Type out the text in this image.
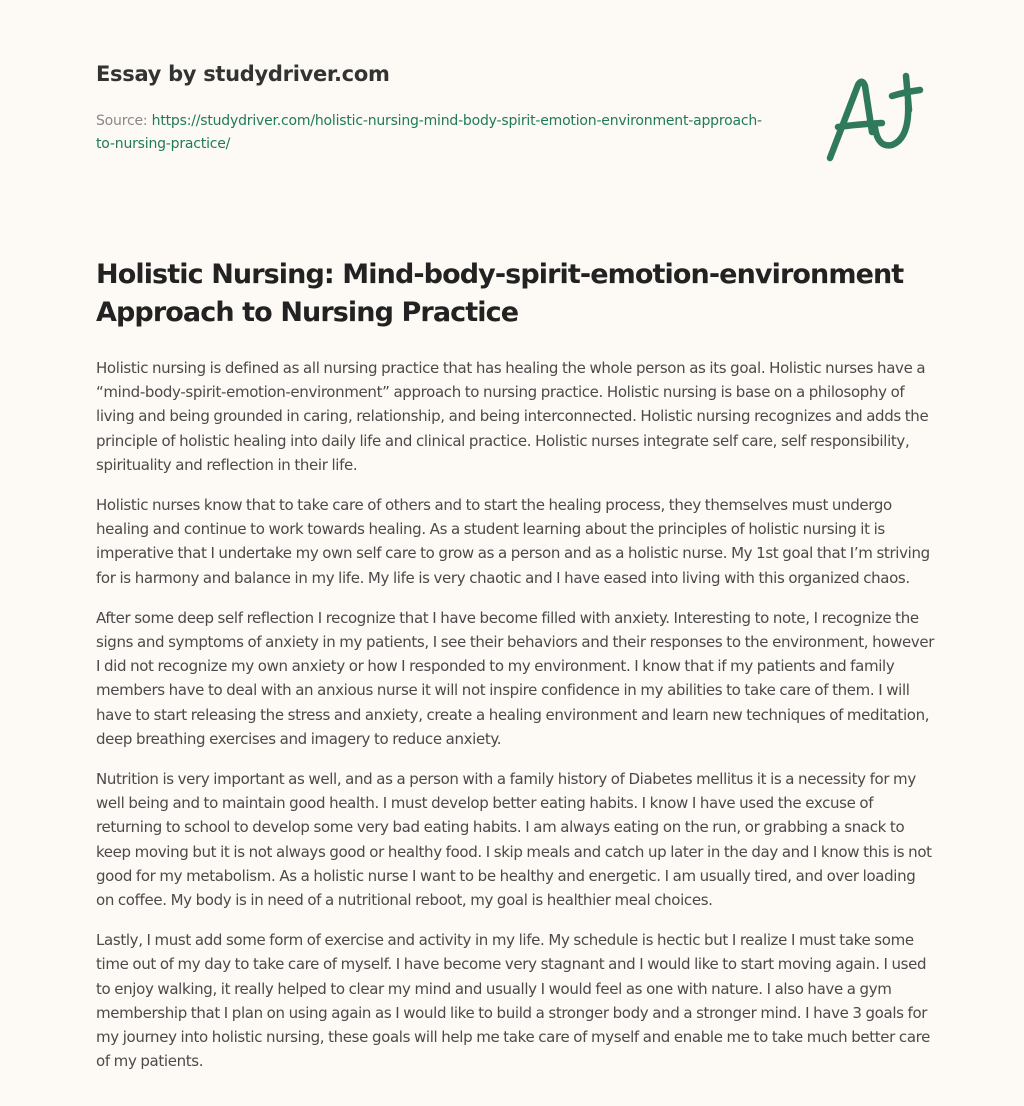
Essay by studydriver.com
Source: https://studydriver.com/holistic-nursing-mind-body-spirit-emotion-environment-approach-to-nursing-practice/
Holistic Nursing: Mind-body-spirit-emotion-environment Approach to Nursing Practice

Holistic nursing is defined as all nursing practice that has healing the whole person as its goal. Holistic nurses have a “mind-body-spirit-emotion-environment” approach to nursing practice. Holistic nursing is base on a philosophy of living and being grounded in caring, relationship, and being interconnected. Holistic nursing recognizes and adds the principle of holistic healing into daily life and clinical practice. Holistic nurses integrate self care, self responsibility, spirituality and reflection in their life.

Holistic nurses know that to take care of others and to start the healing process, they themselves must undergo healing and continue to work towards healing. As a student learning about the principles of holistic nursing it is imperative that I undertake my own self care to grow as a person and as a holistic nurse. My 1st goal that I’m striving for is harmony and balance in my life. My life is very chaotic and I have eased into living with this organized chaos.

After some deep self reflection I recognize that I have become filled with anxiety. Interesting to note, I recognize the signs and symptoms of anxiety in my patients, I see their behaviors and their responses to the environment, however I did not recognize my own anxiety or how I responded to my environment. I know that if my patients and family members have to deal with an anxious nurse it will not inspire confidence in my abilities to take care of them. I will have to start releasing the stress and anxiety, create a healing environment and learn new techniques of meditation, deep breathing exercises and imagery to reduce anxiety.

Nutrition is very important as well, and as a person with a family history of Diabetes mellitus it is a necessity for my well being and to maintain good health. I must develop better eating habits. I know I have used the excuse of returning to school to develop some very bad eating habits. I am always eating on the run, or grabbing a snack to keep moving but it is not always good or healthy food. I skip meals and catch up later in the day and I know this is not good for my metabolism. As a holistic nurse I want to be healthy and energetic. I am usually tired, and over loading on coffee. My body is in need of a nutritional reboot, my goal is healthier meal choices.

Lastly, I must add some form of exercise and activity in my life. My schedule is hectic but I realize I must take some time out of my day to take care of myself. I have become very stagnant and I would like to start moving again. I used to enjoy walking, it really helped to clear my mind and usually I would feel as one with nature. I also have a gym membership that I plan on using again as I would like to build a stronger body and a stronger mind. I have 3 goals for my journey into holistic nursing, these goals will help me take care of myself and enable me to take much better care of my patients.
